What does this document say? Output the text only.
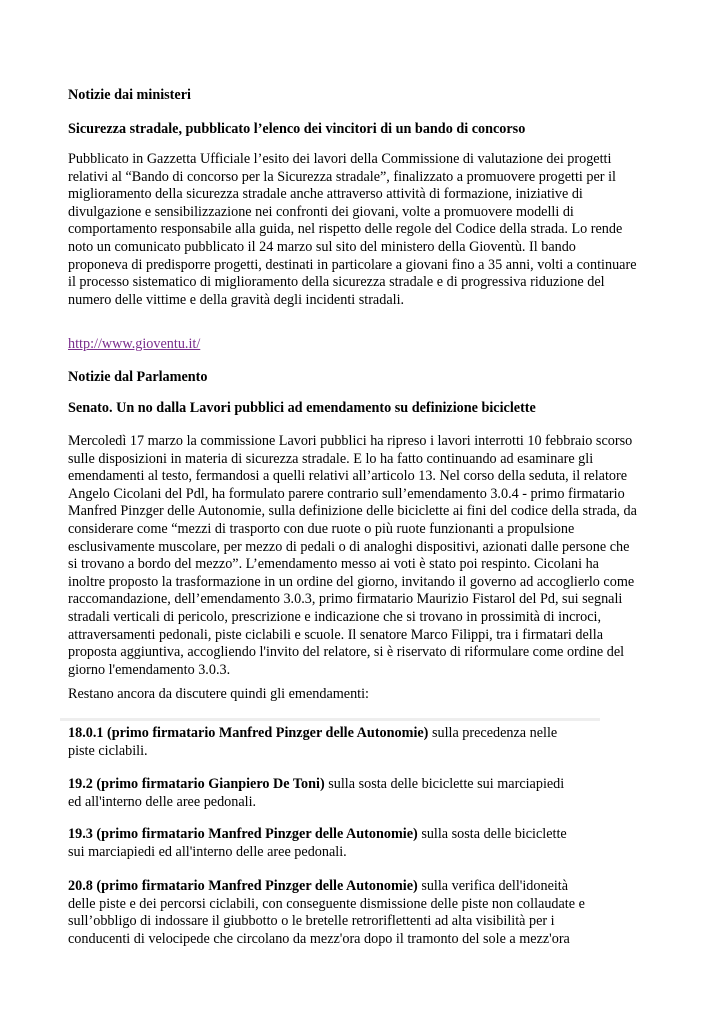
Notizie dai ministeri

Sicurezza stradale, pubblicato l’elenco dei vincitori di un bando di concorso

Pubblicato in Gazzetta Ufficiale l’esito dei lavori della Commissione di valutazione dei progetti
relativi al “Bando di concorso per la Sicurezza stradale”, finalizzato a promuovere progetti per il
miglioramento della sicurezza stradale anche attraverso attività di formazione, iniziative di
divulgazione e sensibilizzazione nei confronti dei giovani, volte a promuovere modelli di
comportamento responsabile alla guida, nel rispetto delle regole del Codice della strada. Lo rende
noto un comunicato pubblicato il 24 marzo sul sito del ministero della Gioventù. Il bando
proponeva di predisporre progetti, destinati in particolare a giovani fino a 35 anni, volti a continuare
il processo sistematico di miglioramento della sicurezza stradale e di progressiva riduzione del
numero delle vittime e della gravità degli incidenti stradali.

http://www.gioventu.it/

Notizie dal Parlamento

Senato. Un no dalla Lavori pubblici ad emendamento su definizione biciclette

Mercoledì 17 marzo la commissione Lavori pubblici ha ripreso i lavori interrotti 10 febbraio scorso
sulle disposizioni in materia di sicurezza stradale. E lo ha fatto continuando ad esaminare gli
emendamenti al testo, fermandosi a quelli relativi all’articolo 13. Nel corso della seduta, il relatore
Angelo Cicolani del Pdl, ha formulato parere contrario sull’emendamento 3.0.4 - primo firmatario
Manfred Pinzger delle Autonomie, sulla definizione delle biciclette ai fini del codice della strada, da
considerare come “mezzi di trasporto con due ruote o più ruote funzionanti a propulsione
esclusivamente muscolare, per mezzo di pedali o di analoghi dispositivi, azionati dalle persone che
si trovano a bordo del mezzo”. L’emendamento messo ai voti è stato poi respinto. Cicolani ha
inoltre proposto la trasformazione in un ordine del giorno, invitando il governo ad accoglierlo come
raccomandazione, dell’emendamento 3.0.3, primo firmatario Maurizio Fistarol del Pd, sui segnali
stradali verticali di pericolo, prescrizione e indicazione che si trovano in prossimità di incroci,
attraversamenti pedonali, piste ciclabili e scuole. Il senatore Marco Filippi, tra i firmatari della
proposta aggiuntiva, accogliendo l'invito del relatore, si è riservato di riformulare come ordine del
giorno l'emendamento 3.0.3.

Restano ancora da discutere quindi gli emendamenti:

18.0.1 (primo firmatario Manfred Pinzger delle Autonomie) sulla precedenza nelle
piste ciclabili.
19.2 (primo firmatario Gianpiero De Toni) sulla sosta delle biciclette sui marciapiedi
ed all'interno delle aree pedonali.
19.3 (primo firmatario Manfred Pinzger delle Autonomie) sulla sosta delle biciclette
sui marciapiedi ed all'interno delle aree pedonali.
20.8 (primo firmatario Manfred Pinzger delle Autonomie) sulla verifica dell'idoneità
delle piste e dei percorsi ciclabili, con conseguente dismissione delle piste non collaudate e
sull’obbligo di indossare il giubbotto o le bretelle retroriflettenti ad alta visibilità per i
conducenti di velocipede che circolano da mezz'ora dopo il tramonto del sole a mezz'ora
